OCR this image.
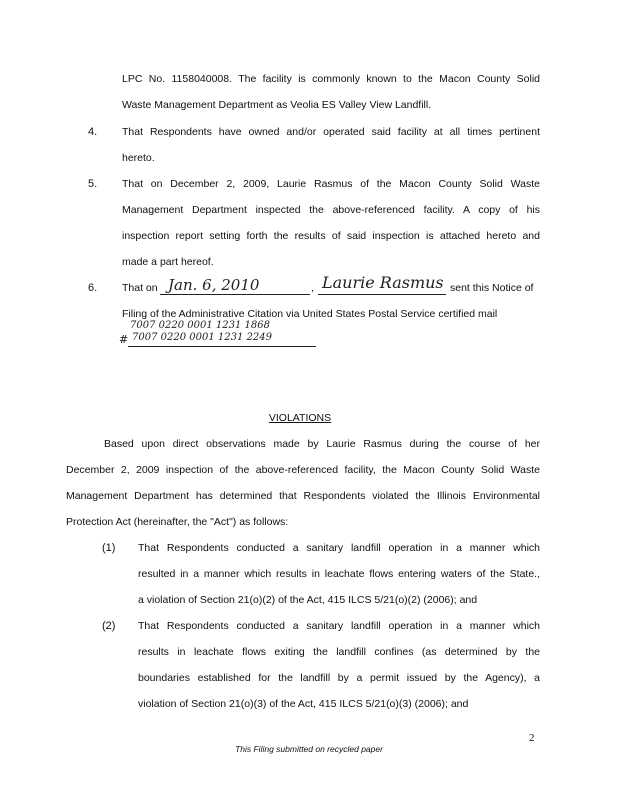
LPC No. 1158040008. The facility is commonly known to the Macon County Solid
Waste Management Department as Veolia ES Valley View Landfill.
4. That Respondents have owned and/or operated said facility at all times pertinent
hereto.
5. That on December 2, 2009, Laurie Rasmus of the Macon County Solid Waste
Management Department inspected the above-referenced facility. A copy of his
inspection report setting forth the results of said inspection is attached hereto and
made a part hereof.
6. That on Jan. 6, 2010	, Laurie Rasmus sent this Notice of
Filing of the Administrative Citation via United States Postal Service certified mail
7007 0220 0001 1231 1868
# 7007 0220 0001 1231 2249
VIOLATIONS
Based upon direct observations made by Laurie Rasmus during the course of her
December 2, 2009 inspection of the above-referenced facility, the Macon County Solid Waste
Management Department has determined that Respondents violated the Illinois Environmental
Protection Act (hereinafter, the "Act") as follows:
(1) That Respondents conducted a sanitary landfill operation in a manner which
resulted in a manner which results in leachate flows entering waters of the State.,
a violation of Section 21(o)(2) of the Act, 415 ILCS 5/21(o)(2) (2006); and
(2) That Respondents conducted a sanitary landfill operation in a manner which
results in leachate flows exiting the landfill confines (as determined by the
boundaries established for the landfill by a permit issued by the Agency), a
violation of Section 21(o)(3) of the Act, 415 ILCS 5/21(o)(3) (2006); and
2
This Filing submitted on recycled paper
